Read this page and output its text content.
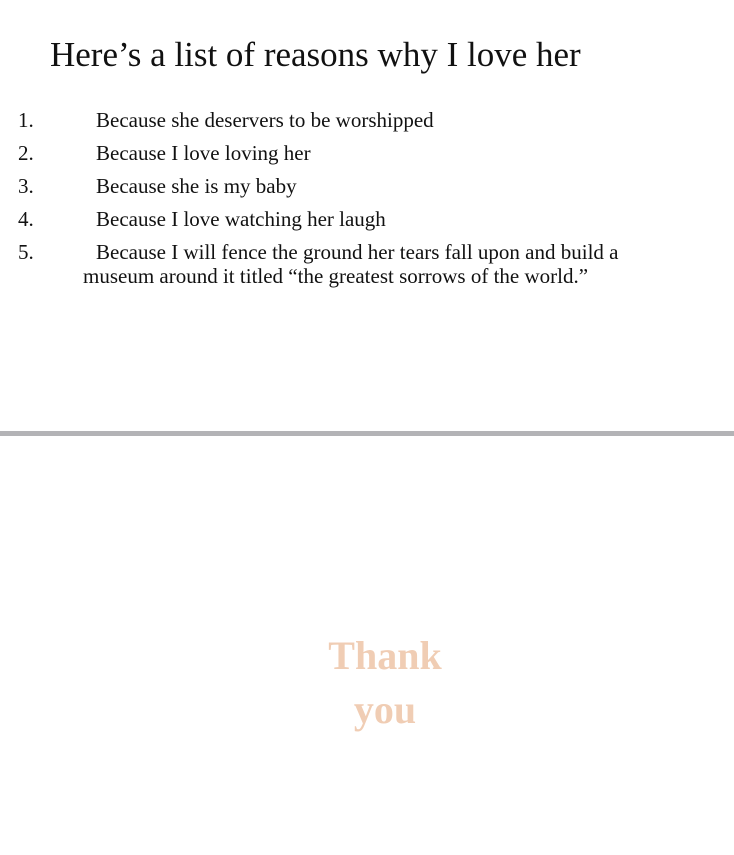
Here’s a list of reasons why I love her
1.	Because she deservers to be worshipped
2.	Because I love loving her
3.	Because she is my baby
4.	Because I love watching her laugh
5.	Because I will fence the ground her tears fall upon and build a museum around it titled “the greatest sorrows of the world.”
Thank
you
